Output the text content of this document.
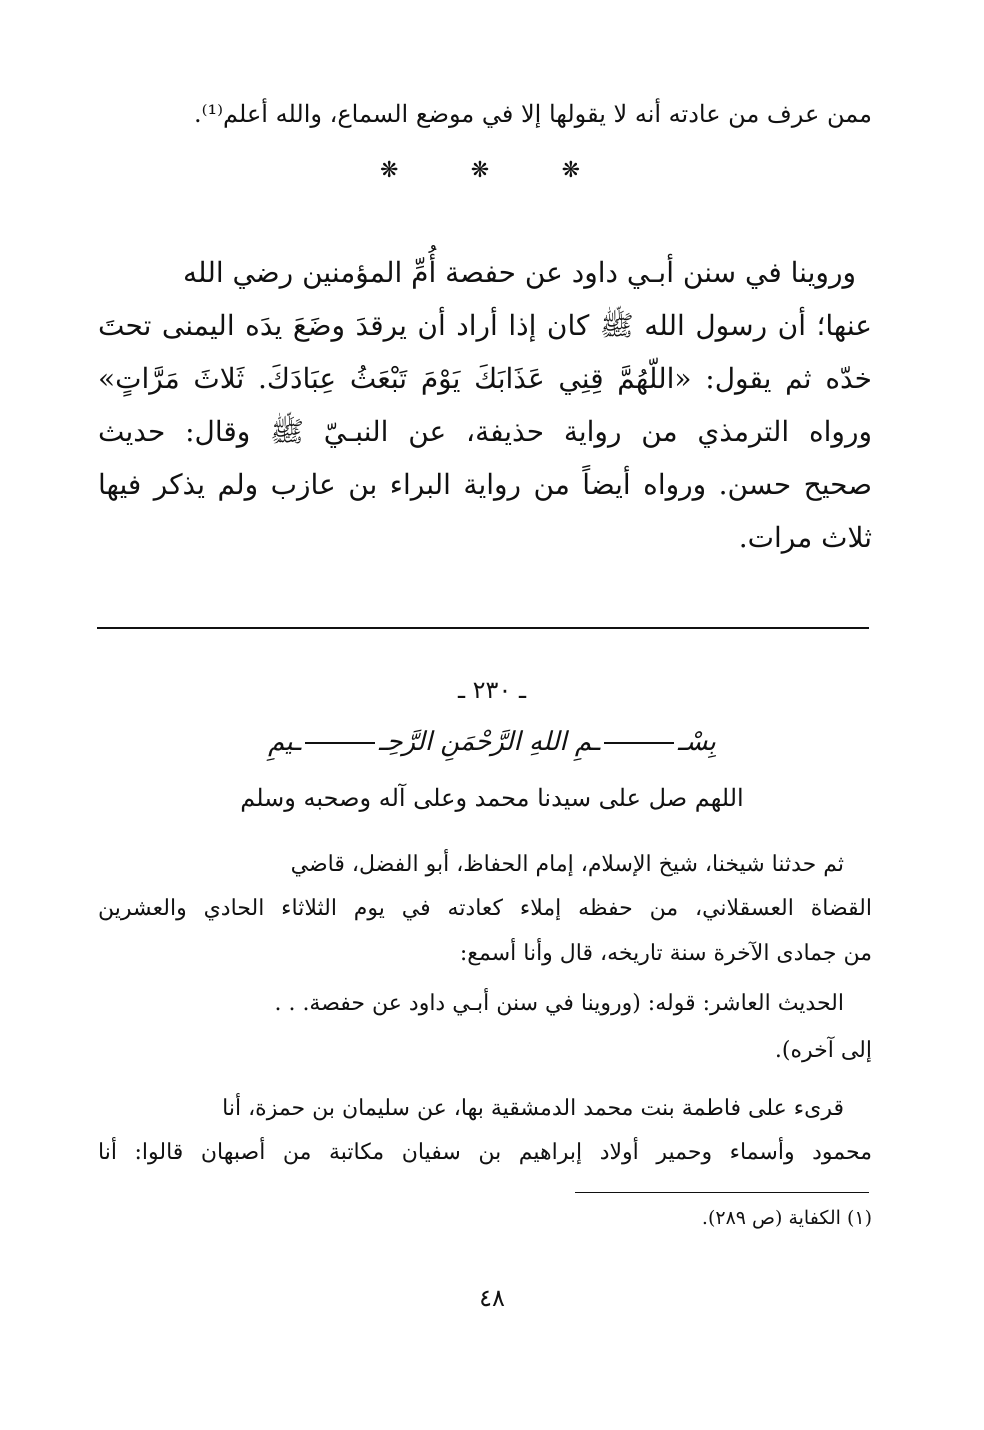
ممن عرف من عادته أنه لا يقولها إلا في موضع السماع، والله أعلم⁽¹⁾.
❋
❋
❋
وروينا في سنن أبـي داود عن حفصة أُمِّ المؤمنين رضي الله
عنها؛ أن رسول الله ﷺ كان إذا أراد أن يرقدَ وضَعَ يدَه اليمنى تحتَ
خدّه ثم يقول: «اللّهُمَّ قِنِي عَذَابَكَ يَوْمَ تَبْعَثُ عِبَادَكَ. ثَلاثَ مَرَّاتٍ»
ورواه الترمذي من رواية حذيفة، عن النبـيّ ﷺ وقال: حديث
صحيح حسن. ورواه أيضاً من رواية البراء بن عازب ولم يذكر فيها
ثلاث مرات.
ـ ٢٣٠ ـ
بِسْــمِ اللهِ الرَّحْمَنِ الرَّحِــيمِ
اللهم صل على سيدنا محمد وعلى آله وصحبه وسلم
ثم حدثنا شيخنا، شيخ الإسلام، إمام الحفاظ، أبو الفضل، قاضي
القضاة العسقلاني، من حفظه إملاء كعادته في يوم الثلاثاء الحادي والعشرين
من جمادى الآخرة سنة تاريخه، قال وأنا أسمع:
الحديث العاشر: قوله: (وروينا في سنن أبـي داود عن حفصة. . .
إلى آخره).
قرىء على فاطمة بنت محمد الدمشقية بها، عن سليمان بن حمزة، أنا
محمود وأسماء وحمير أولاد إبراهيم بن سفيان مكاتبة من أصبهان قالوا: أنا
(١) الكفاية (ص ٢٨٩).
٤٨
